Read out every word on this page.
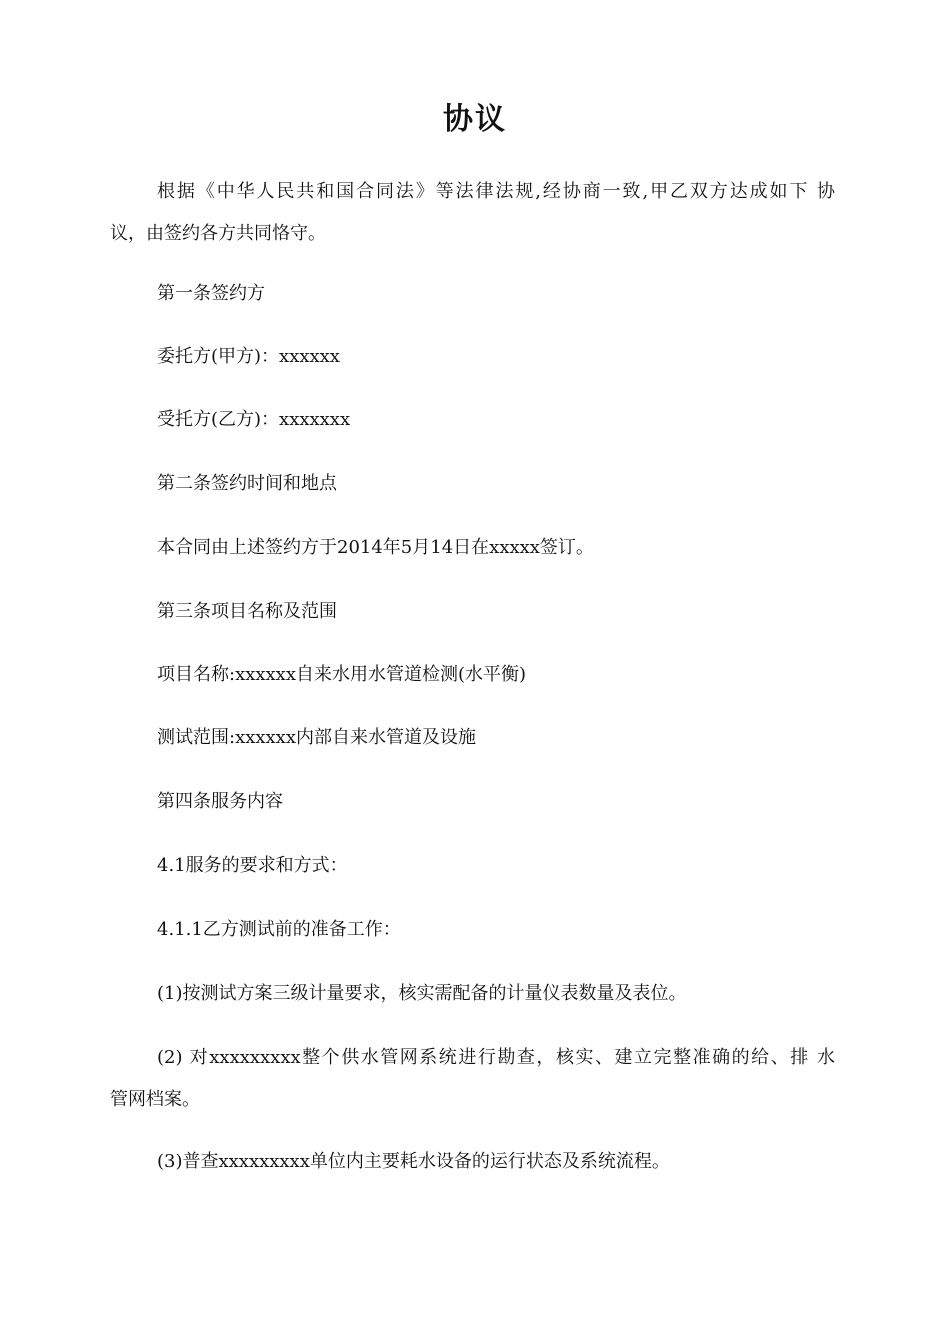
协议
根据《中华人民共和国合同法》等法律法规,经协商一致,甲乙双方达成如下 协
议，由签约各方共同恪守。
第一条签约方
委托方(甲方)：xxxxxx
受托方(乙方)：xxxxxxx
第二条签约时间和地点
本合同由上述签约方于2014年5月14日在xxxxx签订。
第三条项目名称及范围
项目名称:xxxxxx自来水用水管道检测(水平衡)
测试范围:xxxxxx内部自来水管道及设施
第四条服务内容
4.1服务的要求和方式：
4.1.1乙方测试前的准备工作：
(1)按测试方案三级计量要求，核实需配备的计量仪表数量及表位。
(2) 对xxxxxxxxx整个供水管网系统进行勘查，核实、建立完整准确的给、排 水
管网档案。
(3)普查xxxxxxxxx单位内主要耗水设备的运行状态及系统流程。
